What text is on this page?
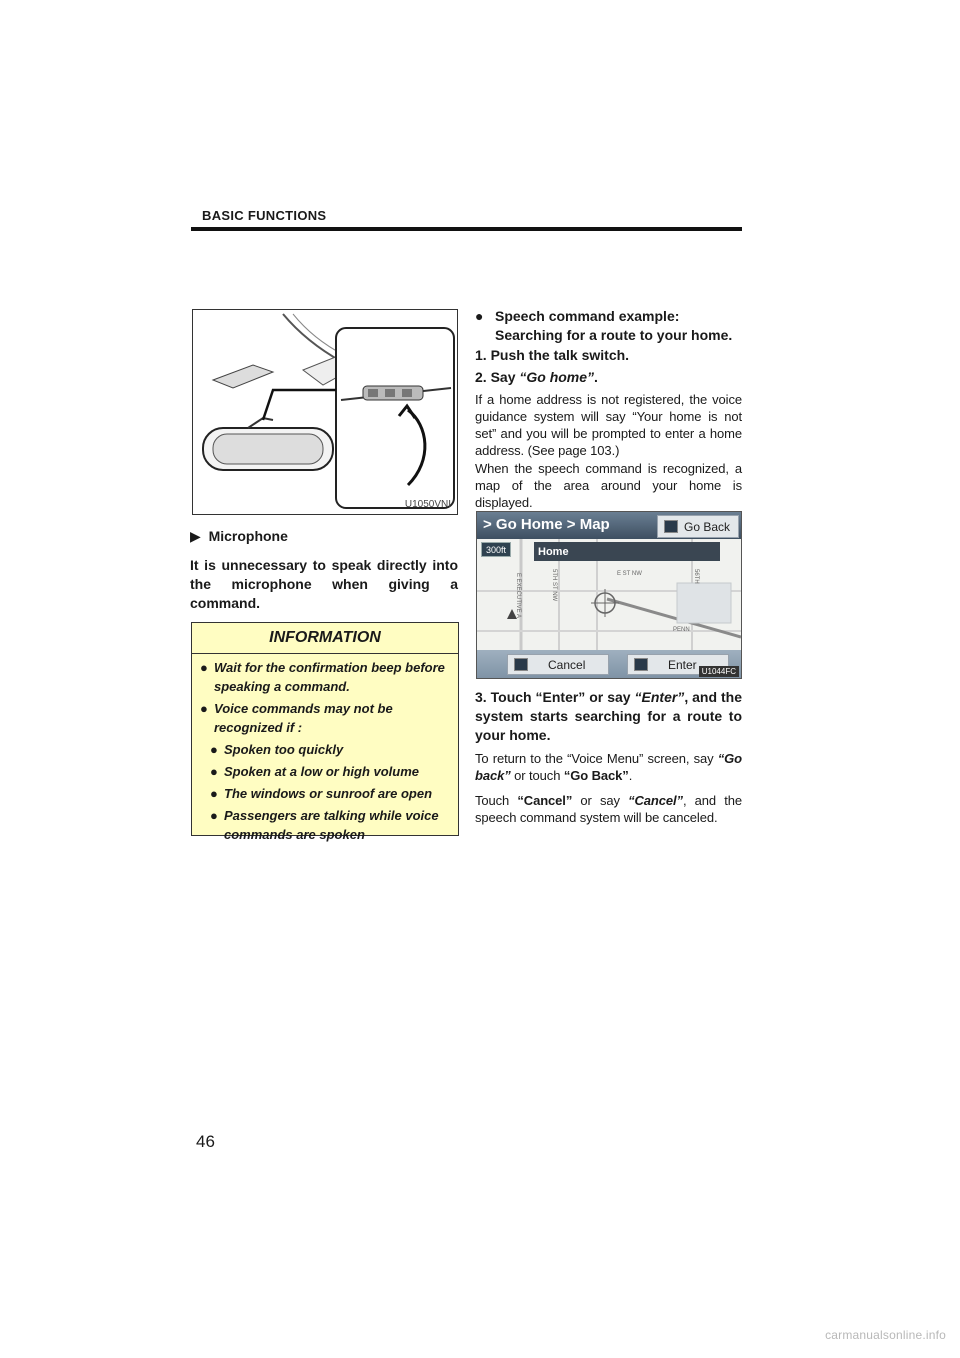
BASIC FUNCTIONS
U1050VNI
▶ Microphone
It is unnecessary to speak directly into the microphone when giving a command.
INFORMATION
● Wait for the confirmation beep before speaking a command.
● Voice commands may not be recognized if :
● Spoken too quickly
● Spoken at a low or high volume
● The windows or sunroof are open
● Passengers are talking while voice commands are spoken
● Speech command example: Searching for a route to your home.
1. Push the talk switch.
2. Say “Go home”.
If a home address is not registered, the voice guidance system will say “Your home is not set” and you will be prompted to enter a home address. (See page 103.)
When the speech command is recognized, a map of the area around your home is displayed.
> Go Home > Map	Go Back
300ft	Home
E EXECUTIVE A	5TH ST NW	E ST NW
PENN
56TH
Cancel	Enter U1044FC
3. Touch “Enter” or say “Enter”, and the system starts searching for a route to your home.
To return to the “Voice Menu” screen, say “Go back” or touch “Go Back”.
Touch “Cancel” or say “Cancel”, and the speech command system will be canceled.
46
carmanualsonline.info
